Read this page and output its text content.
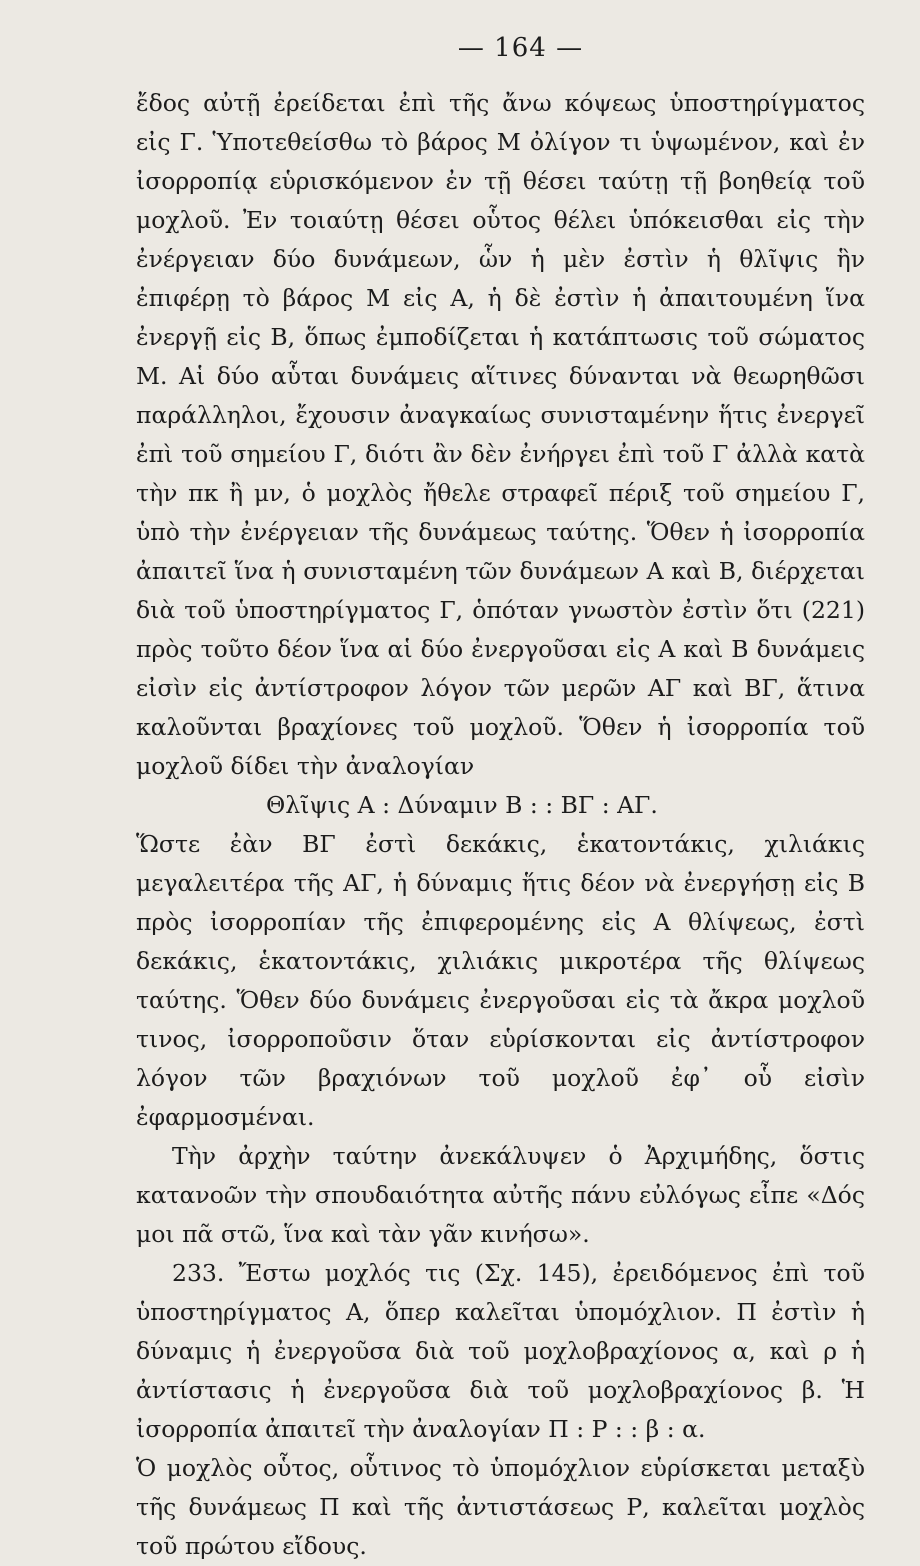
— 164 —

ἔδος αὐτῇ ἐρείδεται ἐπὶ τῆς ἄνω κόψεως ὑποστηρίγματος εἰς Γ. Ὑποτεθείσθω τὸ βάρος Μ ὀλίγον τι ὑψωμένον, καὶ ἐν ἰσορροπίᾳ εὑρισκόμενον ἐν τῇ θέσει ταύτῃ τῇ βοηθείᾳ τοῦ μοχλοῦ. Ἐν τοιαύτῃ θέσει οὗτος θέλει ὑπόκεισθαι εἰς τὴν ἐνέργειαν δύο δυνάμεων, ὧν ἡ μὲν ἐστὶν ἡ θλῖψις ἣν ἐπιφέρῃ τὸ βάρος Μ εἰς Α, ἡ δὲ ἐστὶν ἡ ἀπαιτουμένη ἵνα ἐνεργῇ εἰς Β, ὅπως ἐμποδίζεται ἡ κατάπτωσις τοῦ σώματος Μ. Αἱ δύο αὗται δυνάμεις αἵτινες δύνανται νὰ θεωρηθῶσι παράλληλοι, ἔχουσιν ἀναγκαίως συνισταμένην ἥτις ἐνεργεῖ ἐπὶ τοῦ σημείου Γ, διότι ἂν δὲν ἐνήργει ἐπὶ τοῦ Γ ἀλλὰ κατὰ τὴν πκ ἢ μν, ὁ μοχλὸς ἤθελε στραφεῖ πέριξ τοῦ σημείου Γ, ὑπὸ τὴν ἐνέργειαν τῆς δυνάμεως ταύτης. Ὅθεν ἡ ἰσορροπία ἀπαιτεῖ ἵνα ἡ συνισταμένη τῶν δυνάμεων Α καὶ Β, διέρχεται διὰ τοῦ ὑποστηρίγματος Γ, ὁπόταν γνωστὸν ἐστὶν ὅτι (221) πρὸς τοῦτο δέον ἵνα αἱ δύο ἐνεργοῦσαι εἰς Α καὶ Β δυνάμεις εἰσὶν εἰς ἀντίστροφον λόγον τῶν μερῶν ΑΓ καὶ ΒΓ, ἅτινα καλοῦνται βραχίονες τοῦ μοχλοῦ. Ὅθεν ἡ ἰσορροπία τοῦ μοχλοῦ δίδει τὴν ἀναλογίαν

Θλῖψις Α : Δύναμιν Β : : ΒΓ : ΑΓ.

Ὥστε ἐὰν ΒΓ ἐστὶ δεκάκις, ἑκατοντάκις, χιλιάκις μεγαλειτέρα τῆς ΑΓ, ἡ δύναμις ἥτις δέον νὰ ἐνεργήσῃ εἰς Β πρὸς ἰσορροπίαν τῆς ἐπιφερομένης εἰς Α θλίψεως, ἐστὶ δεκάκις, ἑκατοντάκις, χιλιάκις μικροτέρα τῆς θλίψεως ταύτης. Ὅθεν δύο δυνάμεις ἐνεργοῦσαι εἰς τὰ ἄκρα μοχλοῦ τινος, ἰσορροποῦσιν ὅταν εὑρίσκονται εἰς ἀντίστροφον λόγον τῶν βραχιόνων τοῦ μοχλοῦ ἐφ᾿ οὗ εἰσὶν ἐφαρμοσμέναι.

Τὴν ἀρχὴν ταύτην ἀνεκάλυψεν ὁ Ἀρχιμήδης, ὅστις κατανοῶν τὴν σπουδαιότητα αὐτῆς πάνυ εὐλόγως εἶπε «Δός μοι πᾶ στῶ, ἵνα καὶ τὰν γᾶν κινήσω».

233. Ἔστω μοχλός τις (Σχ. 145), ἐρειδόμενος ἐπὶ τοῦ ὑποστηρίγματος Α, ὅπερ καλεῖται ὑπομόχλιον. Π ἐστὶν ἡ δύναμις ἡ ἐνεργοῦσα διὰ τοῦ μοχλοβραχίονος α, καὶ ρ ἡ ἀντίστασις ἡ ἐνεργοῦσα διὰ τοῦ μοχλοβραχίονος β. Ἡ ἰσορροπία ἀπαιτεῖ τὴν ἀναλογίαν Π : Ρ : : β : α.

Ὁ μοχλὸς οὗτος, οὗτινος τὸ ὑπομόχλιον εὑρίσκεται μεταξὺ τῆς δυνάμεως Π καὶ τῆς ἀντιστάσεως Ρ, καλεῖται μοχλὸς τοῦ πρώτου εἴδους.
